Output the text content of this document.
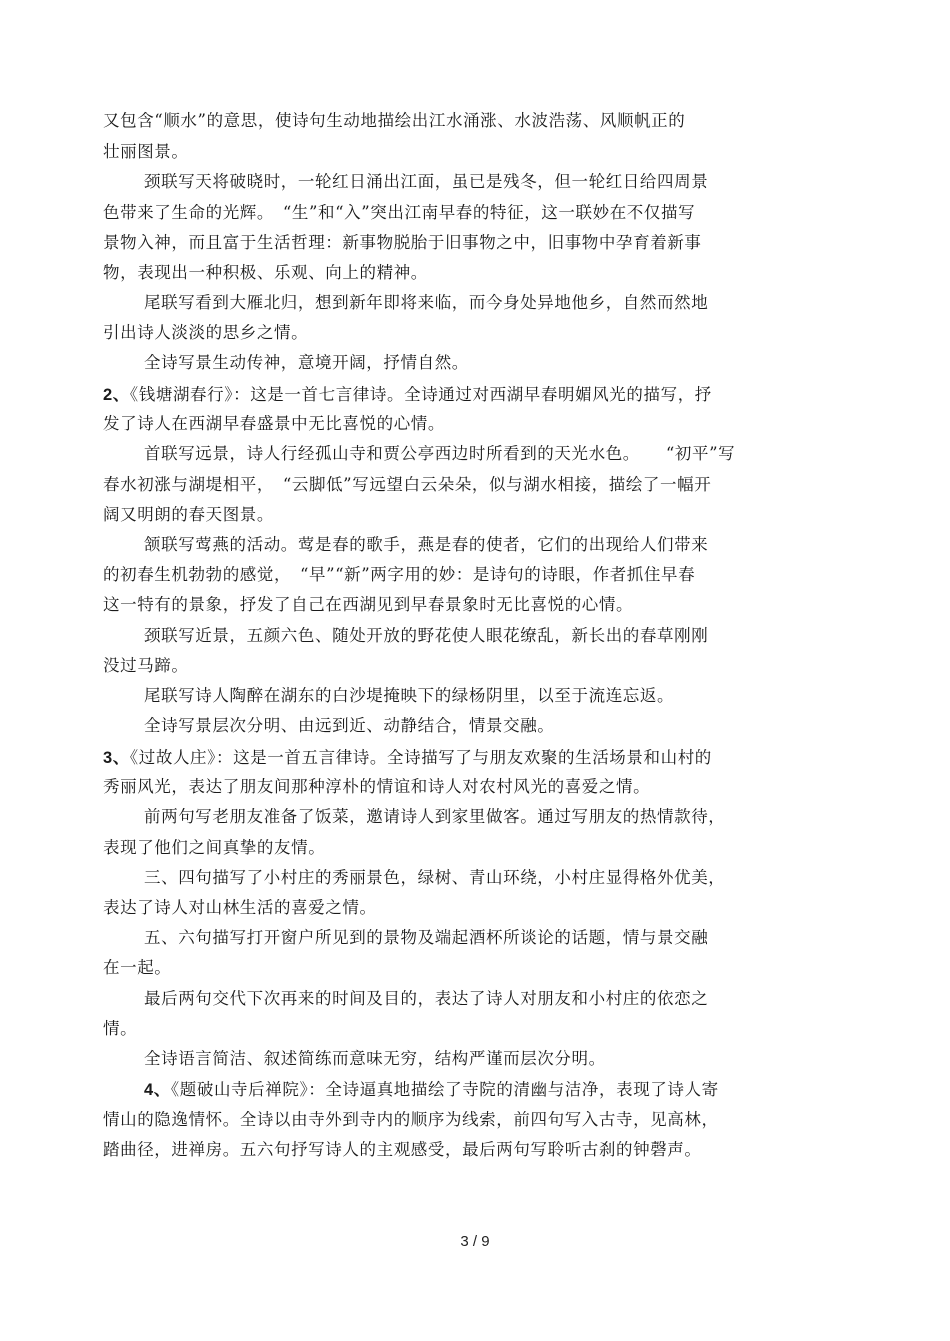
又包含“顺水”的意思，使诗句生动地描绘出江水涌涨、水波浩荡、风顺帆正的
壮丽图景。
颈联写天将破晓时，一轮红日涌出江面，虽已是残冬，但一轮红日给四周景
色带来了生命的光辉。　“生”和“入”突出江南早春的特征，这一联妙在不仅描写
景物入神，而且富于生活哲理：新事物脱胎于旧事物之中，旧事物中孕育着新事
物，表现出一种积极、乐观、向上的精神。
尾联写看到大雁北归，想到新年即将来临，而今身处异地他乡，自然而然地
引出诗人淡淡的思乡之情。
全诗写景生动传神，意境开阔，抒情自然。
2、《钱塘湖春行》：这是一首七言律诗。全诗通过对西湖早春明媚风光的描写，抒
发了诗人在西湖早春盛景中无比喜悦的心情。
首联写远景，诗人行经孤山寺和贾公亭西边时所看到的天光水色。　　“初平”写
春水初涨与湖堤相平，　“云脚低”写远望白云朵朵，似与湖水相接，描绘了一幅开
阔又明朗的春天图景。
颔联写莺燕的活动。莺是春的歌手，燕是春的使者，它们的出现给人们带来
的初春生机勃勃的感觉，　“早”“新”两字用的妙：是诗句的诗眼，作者抓住早春
这一特有的景象，抒发了自己在西湖见到早春景象时无比喜悦的心情。
颈联写近景，五颜六色、随处开放的野花使人眼花缭乱，新长出的春草刚刚
没过马蹄。
尾联写诗人陶醉在湖东的白沙堤掩映下的绿杨阴里，以至于流连忘返。
全诗写景层次分明、由远到近、动静结合，情景交融。
3、《过故人庄》：这是一首五言律诗。全诗描写了与朋友欢聚的生活场景和山村的
秀丽风光，表达了朋友间那种淳朴的情谊和诗人对农村风光的喜爱之情。
前两句写老朋友准备了饭菜，邀请诗人到家里做客。通过写朋友的热情款待，
表现了他们之间真挚的友情。
三、四句描写了小村庄的秀丽景色，绿树、青山环绕，小村庄显得格外优美，
表达了诗人对山林生活的喜爱之情。
五、六句描写打开窗户所见到的景物及端起酒杯所谈论的话题，情与景交融
在一起。
最后两句交代下次再来的时间及目的，表达了诗人对朋友和小村庄的依恋之
情。
全诗语言简洁、叙述简练而意味无穷，结构严谨而层次分明。
4、《题破山寺后禅院》：全诗逼真地描绘了寺院的清幽与洁净，表现了诗人寄
情山的隐逸情怀。全诗以由寺外到寺内的顺序为线索，前四句写入古寺，见高林，
踏曲径，进禅房。五六句抒写诗人的主观感受，最后两句写聆听古刹的钟磬声。
3 / 9
